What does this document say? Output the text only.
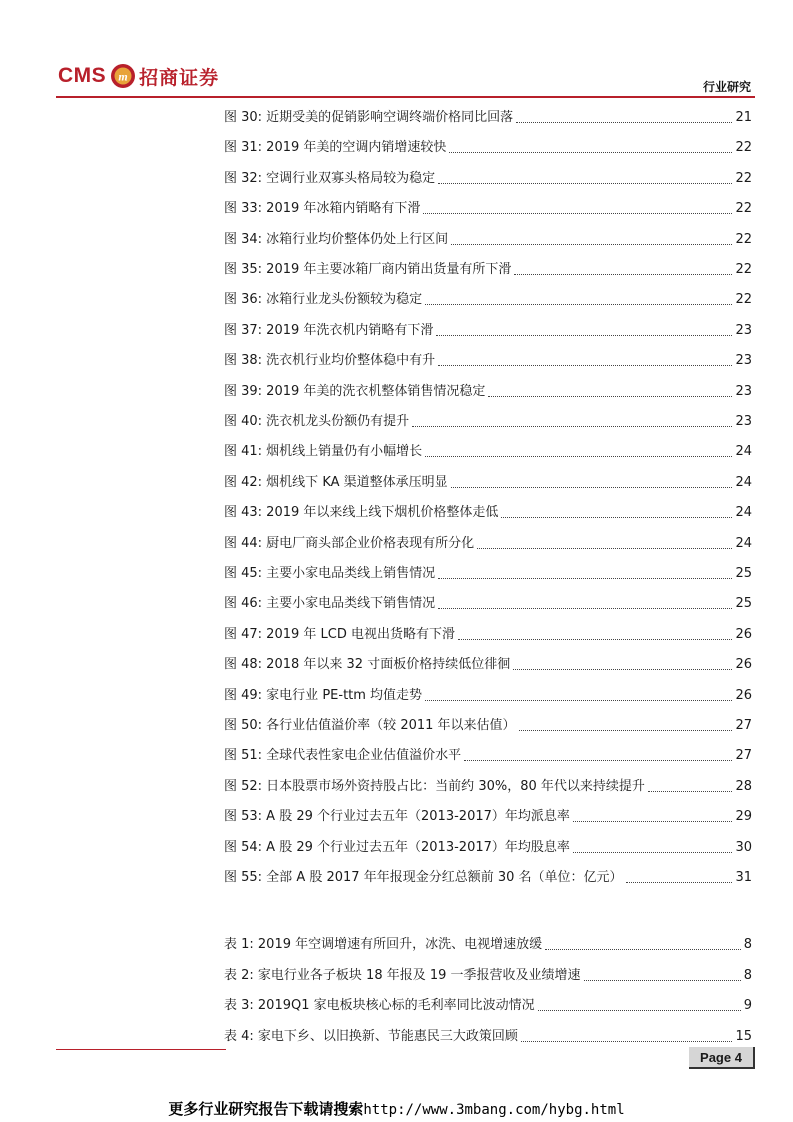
CMS m 招商证券	行业研究
图 30: 近期受美的促销影响空调终端价格同比回落	21
图 31: 2019 年美的空调内销增速较快	22
图 32: 空调行业双寡头格局较为稳定	22
图 33: 2019 年冰箱内销略有下滑	22
图 34: 冰箱行业均价整体仍处上行区间	22
图 35: 2019 年主要冰箱厂商内销出货量有所下滑	22
图 36: 冰箱行业龙头份额较为稳定	22
图 37: 2019 年洗衣机内销略有下滑	23
图 38: 洗衣机行业均价整体稳中有升	23
图 39: 2019 年美的洗衣机整体销售情况稳定	23
图 40: 洗衣机龙头份额仍有提升	23
图 41: 烟机线上销量仍有小幅增长	24
图 42: 烟机线下 KA 渠道整体承压明显	24
图 43: 2019 年以来线上线下烟机价格整体走低	24
图 44: 厨电厂商头部企业价格表现有所分化	24
图 45: 主要小家电品类线上销售情况	25
图 46: 主要小家电品类线下销售情况	25
图 47: 2019 年 LCD 电视出货略有下滑	26
图 48: 2018 年以来 32 寸面板价格持续低位徘徊	26
图 49: 家电行业 PE-ttm 均值走势	26
图 50: 各行业估值溢价率（较 2011 年以来估值）	27
图 51: 全球代表性家电企业估值溢价水平	27
图 52: 日本股票市场外资持股占比：当前约 30%，80 年代以来持续提升	28
图 53: A 股 29 个行业过去五年（2013-2017）年均派息率	29
图 54: A 股 29 个行业过去五年（2013-2017）年均股息率	30
图 55: 全部 A 股 2017 年年报现金分红总额前 30 名（单位：亿元）	31
表 1: 2019 年空调增速有所回升，冰洗、电视增速放缓	8
表 2: 家电行业各子板块 18 年报及 19 一季报营收及业绩增速	8
表 3: 2019Q1 家电板块核心标的毛利率同比波动情况	9
表 4: 家电下乡、以旧换新、节能惠民三大政策回顾	15
Page 4
更多行业研究报告下载请搜索http://www.3mbang.com/hybg.html
